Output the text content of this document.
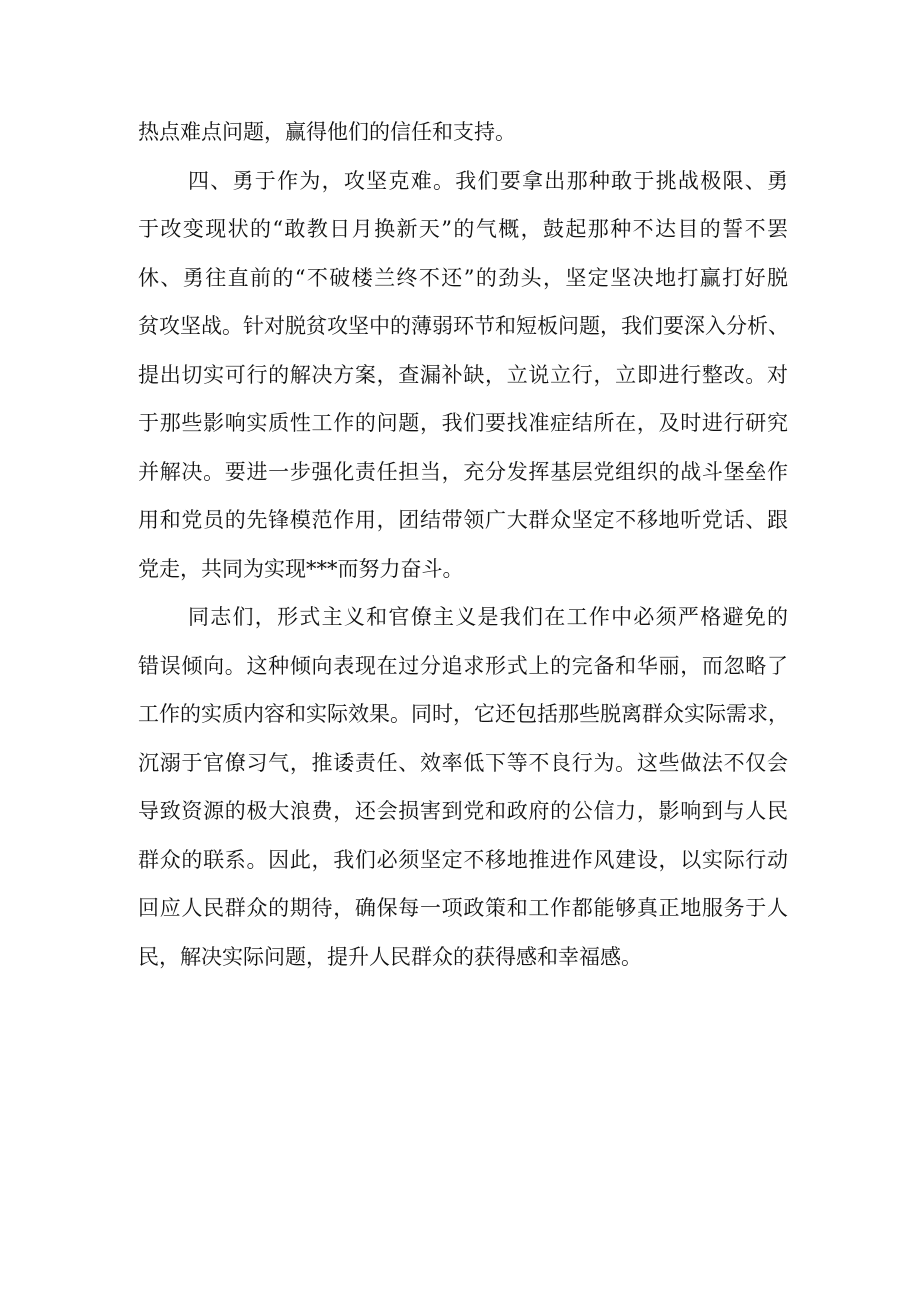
热点难点问题，赢得他们的信任和支持。
四、勇于作为，攻坚克难。我们要拿出那种敢于挑战极限、勇
于改变现状的“敢教日月换新天”的气概，鼓起那种不达目的誓不罢
休、勇往直前的“不破楼兰终不还”的劲头，坚定坚决地打赢打好脱
贫攻坚战。针对脱贫攻坚中的薄弱环节和短板问题，我们要深入分析、
提出切实可行的解决方案，查漏补缺，立说立行，立即进行整改。对
于那些影响实质性工作的问题，我们要找准症结所在，及时进行研究
并解决。要进一步强化责任担当，充分发挥基层党组织的战斗堡垒作
用和党员的先锋模范作用，团结带领广大群众坚定不移地听党话、跟
党走，共同为实现***而努力奋斗。
同志们，形式主义和官僚主义是我们在工作中必须严格避免的
错误倾向。这种倾向表现在过分追求形式上的完备和华丽，而忽略了
工作的实质内容和实际效果。同时，它还包括那些脱离群众实际需求，
沉溺于官僚习气，推诿责任、效率低下等不良行为。这些做法不仅会
导致资源的极大浪费，还会损害到党和政府的公信力，影响到与人民
群众的联系。因此，我们必须坚定不移地推进作风建设，以实际行动
回应人民群众的期待，确保每一项政策和工作都能够真正地服务于人
民，解决实际问题，提升人民群众的获得感和幸福感。
